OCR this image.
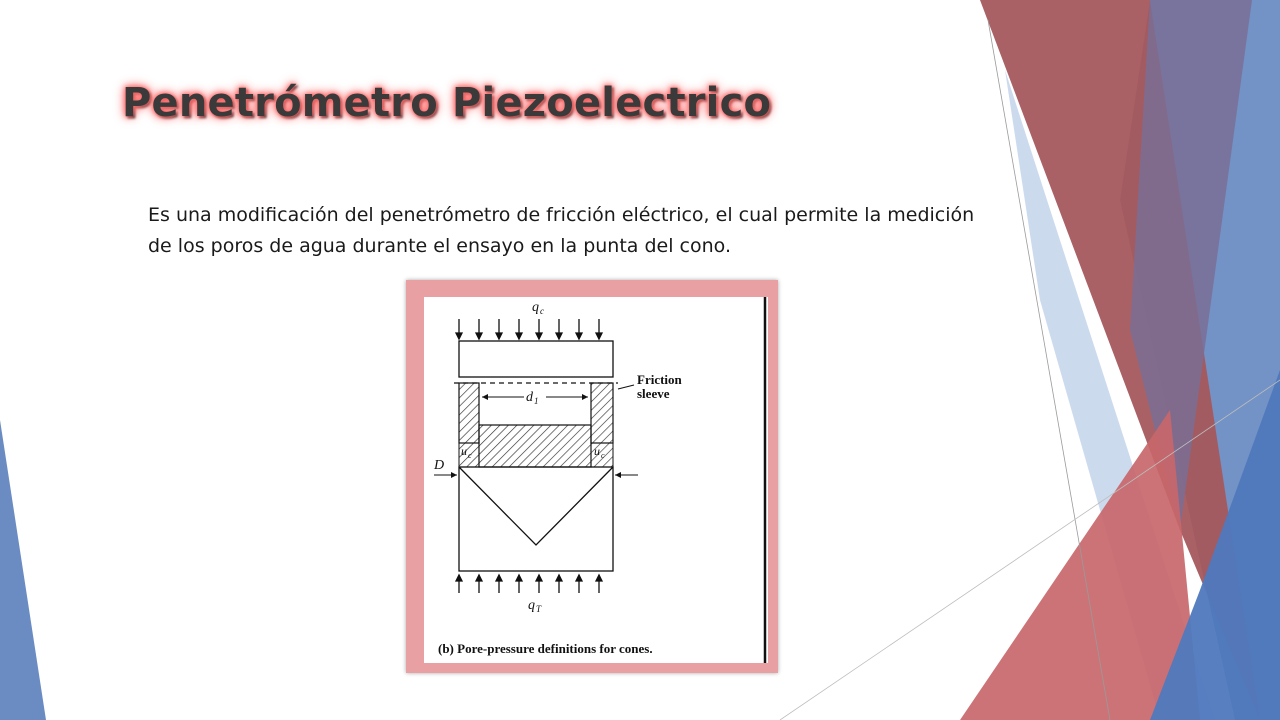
Penetrómetro Piezoelectrico

Es una modificación del penetrómetro de fricción eléctrico, el cual permite la medición de los poros de agua durante el ensayo en la punta del cono.

q c
d 1
Friction
sleeve
u c	u c
D
q T
(b) Pore-pressure definitions for cones.
